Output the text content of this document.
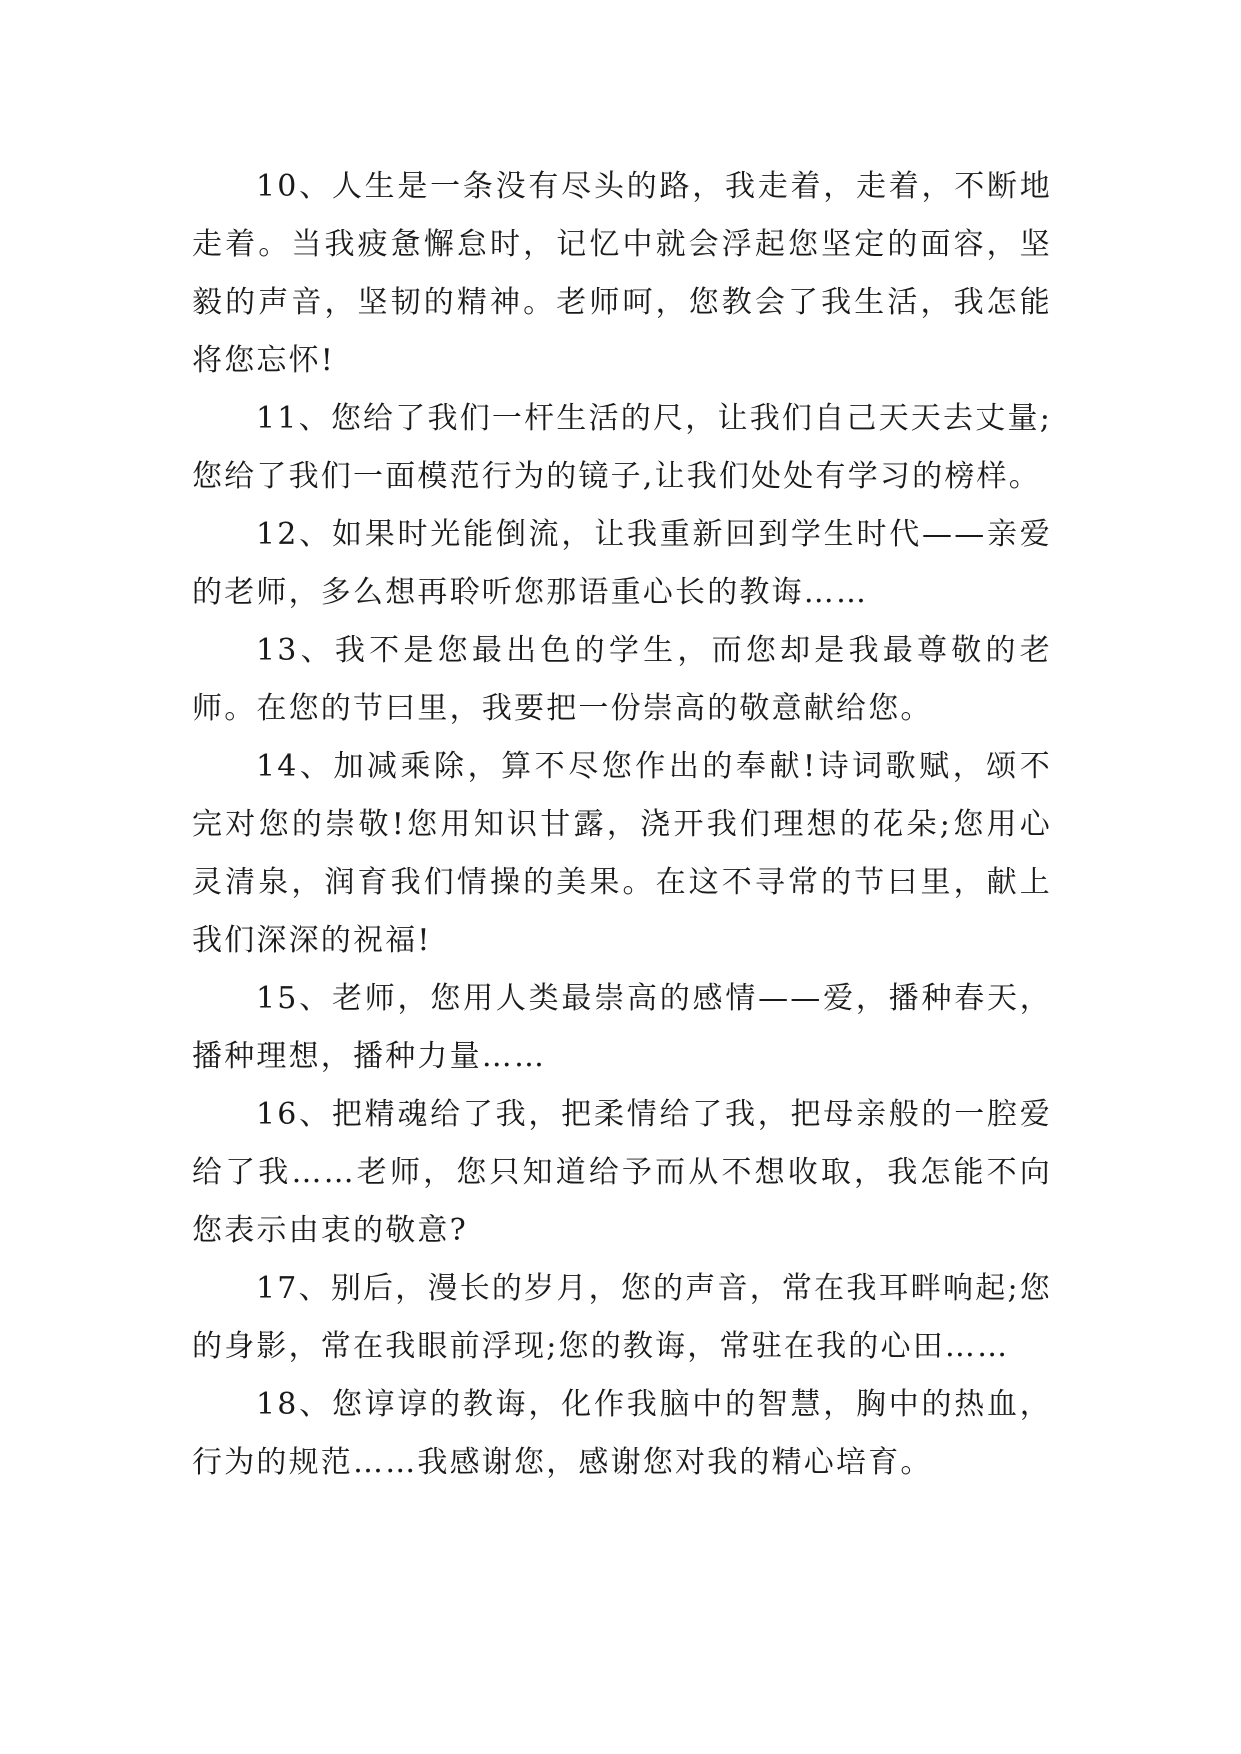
10、人生是一条没有尽头的路，我走着，走着，不断地走着。当我疲惫懈怠时，记忆中就会浮起您坚定的面容，坚毅的声音，坚韧的精神。老师呵，您教会了我生活，我怎能将您忘怀!

11、您给了我们一杆生活的尺，让我们自己天天去丈量;您给了我们一面模范行为的镜子,让我们处处有学习的榜样。

12、如果时光能倒流，让我重新回到学生时代——亲爱的老师，多么想再聆听您那语重心长的教诲……

13、我不是您最出色的学生，而您却是我最尊敬的老师。在您的节曰里，我要把一份崇高的敬意献给您。

14、加减乘除，算不尽您作出的奉献!诗词歌赋，颂不完对您的崇敬!您用知识甘露，浇开我们理想的花朵;您用心灵清泉，润育我们情操的美果。在这不寻常的节曰里，献上我们深深的祝福!

15、老师，您用人类最崇高的感情——爱，播种春天，播种理想，播种力量……

16、把精魂给了我，把柔情给了我，把母亲般的一腔爱给了我……老师，您只知道给予而从不想收取，我怎能不向您表示由衷的敬意?

17、别后，漫长的岁月，您的声音，常在我耳畔响起;您的身影，常在我眼前浮现;您的教诲，常驻在我的心田……

18、您谆谆的教诲，化作我脑中的智慧，胸中的热血，行为的规范……我感谢您，感谢您对我的精心培育。
